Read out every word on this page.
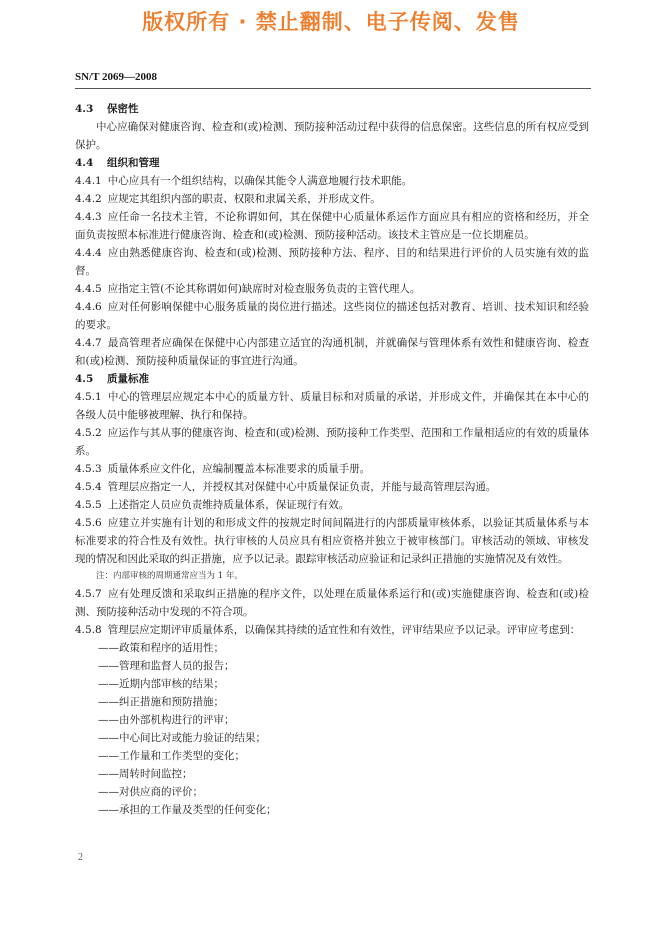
版权所有 · 禁止翻制、电子传阅、发售
SN/T 2069—2008

4.3 保密性

中心应确保对健康咨询、检查和(或)检测、预防接种活动过程中获得的信息保密。这些信息的所有权应受到保护。

4.4 组织和管理

4.4.1 中心应具有一个组织结构，以确保其能令人满意地履行技术职能。

4.4.2 应规定其组织内部的职责、权限和隶属关系，并形成文件。

4.4.3 应任命一名技术主管，不论称谓如何，其在保健中心质量体系运作方面应具有相应的资格和经历，并全面负责按照本标准进行健康咨询、检查和(或)检测、预防接种活动。该技术主管应是一位长期雇员。

4.4.4 应由熟悉健康咨询、检查和(或)检测、预防接种方法、程序、目的和结果进行评价的人员实施有效的监督。

4.4.5 应指定主管(不论其称谓如何)缺席时对检查服务负责的主管代理人。

4.4.6 应对任何影响保健中心服务质量的岗位进行描述。这些岗位的描述包括对教育、培训、技术知识和经验的要求。

4.4.7 最高管理者应确保在保健中心内部建立适宜的沟通机制，并就确保与管理体系有效性和健康咨询、检查和(或)检测、预防接种质量保证的事宜进行沟通。

4.5 质量标准

4.5.1 中心的管理层应规定本中心的质量方针、质量目标和对质量的承诺，并形成文件，并确保其在本中心的各级人员中能够被理解、执行和保持。

4.5.2 应运作与其从事的健康咨询、检查和(或)检测、预防接种工作类型、范围和工作量相适应的有效的质量体系。

4.5.3 质量体系应文件化，应编制覆盖本标准要求的质量手册。

4.5.4 管理层应指定一人，并授权其对保健中心中质量保证负责，并能与最高管理层沟通。

4.5.5 上述指定人员应负责维持质量体系，保证现行有效。

4.5.6 应建立并实施有计划的和形成文件的按规定时间间隔进行的内部质量审核体系，以验证其质量体系与本标准要求的符合性及有效性。执行审核的人员应具有相应资格并独立于被审核部门。审核活动的领域、审核发现的情况和因此采取的纠正措施，应予以记录。跟踪审核活动应验证和记录纠正措施的实施情况及有效性。

注：内部审核的周期通常应当为 1 年。

4.5.7 应有处理反馈和采取纠正措施的程序文件，以处理在质量体系运行和(或)实施健康咨询、检查和(或)检测、预防接种活动中发现的不符合项。

4.5.8 管理层应定期评审质量体系，以确保其持续的适宜性和有效性，评审结果应予以记录。评审应考虑到：

——政策和程序的适用性；

——管理和监督人员的报告；

——近期内部审核的结果；

——纠正措施和预防措施；

——由外部机构进行的评审；

——中心间比对或能力验证的结果；

——工作量和工作类型的变化；

——周转时间监控；

——对供应商的评价；

——承担的工作量及类型的任何变化；

2
